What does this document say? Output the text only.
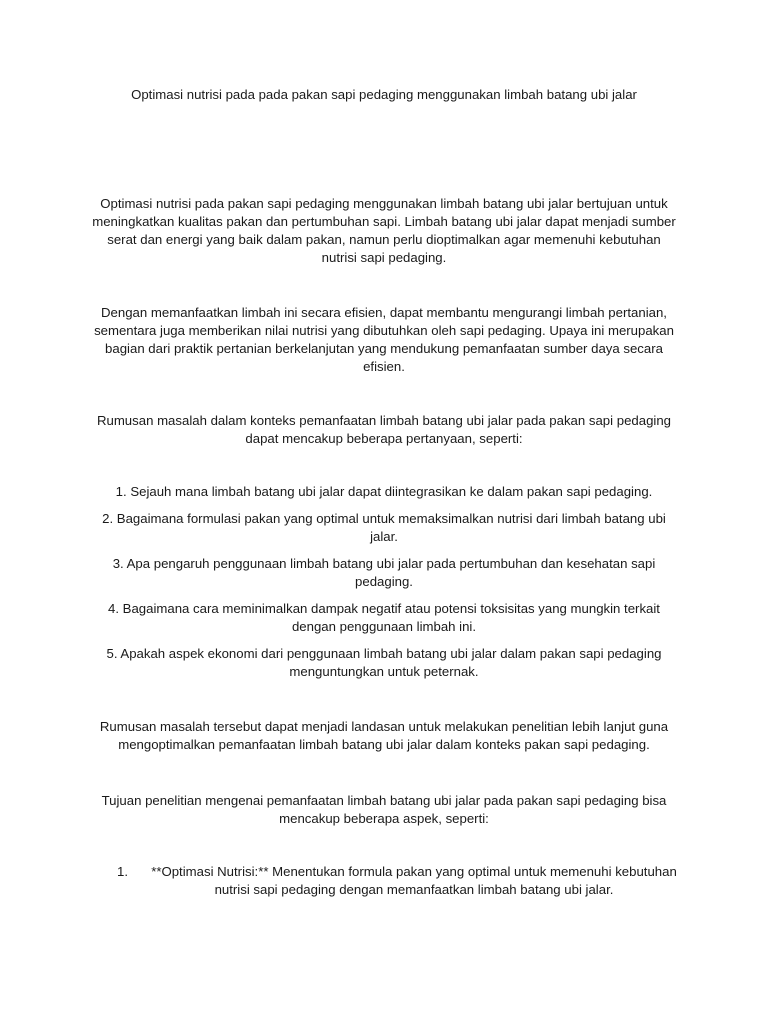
Optimasi nutrisi pada pada pakan sapi pedaging menggunakan limbah batang ubi jalar
Optimasi nutrisi pada pakan sapi pedaging menggunakan limbah batang ubi jalar bertujuan untuk meningkatkan kualitas pakan dan pertumbuhan sapi. Limbah batang ubi jalar dapat menjadi sumber serat dan energi yang baik dalam pakan, namun perlu dioptimalkan agar memenuhi kebutuhan nutrisi sapi pedaging.
Dengan memanfaatkan limbah ini secara efisien, dapat membantu mengurangi limbah pertanian, sementara juga memberikan nilai nutrisi yang dibutuhkan oleh sapi pedaging. Upaya ini merupakan bagian dari praktik pertanian berkelanjutan yang mendukung pemanfaatan sumber daya secara efisien.
Rumusan masalah dalam konteks pemanfaatan limbah batang ubi jalar pada pakan sapi pedaging dapat mencakup beberapa pertanyaan, seperti:
1. Sejauh mana limbah batang ubi jalar dapat diintegrasikan ke dalam pakan sapi pedaging.
2. Bagaimana formulasi pakan yang optimal untuk memaksimalkan nutrisi dari limbah batang ubi jalar.
3. Apa pengaruh penggunaan limbah batang ubi jalar pada pertumbuhan dan kesehatan sapi pedaging.
4. Bagaimana cara meminimalkan dampak negatif atau potensi toksisitas yang mungkin terkait dengan penggunaan limbah ini.
5. Apakah aspek ekonomi dari penggunaan limbah batang ubi jalar dalam pakan sapi pedaging menguntungkan untuk peternak.
Rumusan masalah tersebut dapat menjadi landasan untuk melakukan penelitian lebih lanjut guna mengoptimalkan pemanfaatan limbah batang ubi jalar dalam konteks pakan sapi pedaging.
Tujuan penelitian mengenai pemanfaatan limbah batang ubi jalar pada pakan sapi pedaging bisa mencakup beberapa aspek, seperti:
1.	**Optimasi Nutrisi:** Menentukan formula pakan yang optimal untuk memenuhi kebutuhan nutrisi sapi pedaging dengan memanfaatkan limbah batang ubi jalar.
